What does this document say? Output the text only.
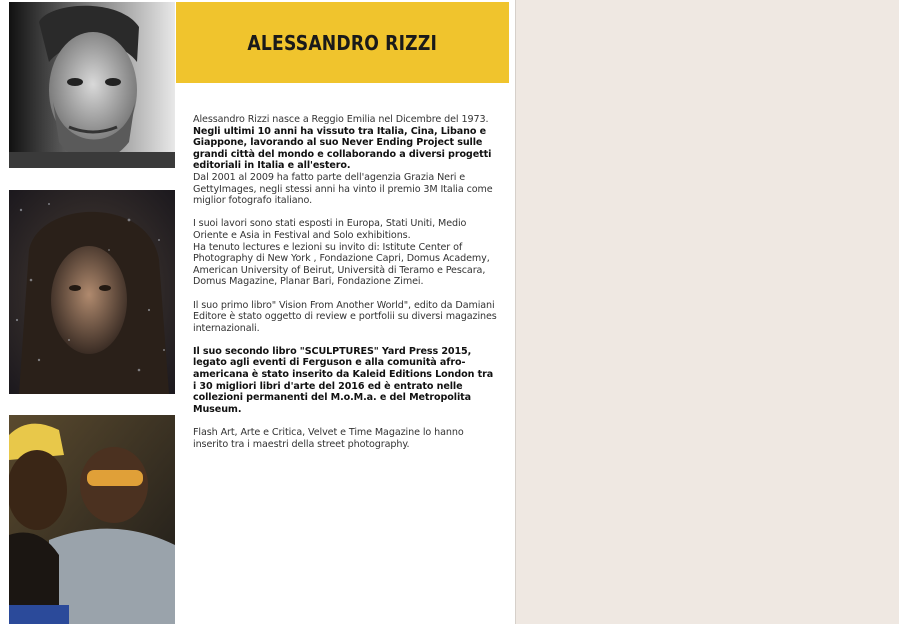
ALESSANDRO RIZZI

Alessandro Rizzi nasce a Reggio Emilia nel Dicembre del 1973.
Negli ultimi 10 anni ha vissuto tra Italia, Cina, Libano e Giappone, lavorando al suo Never Ending Project sulle grandi città del mondo e collaborando a diversi progetti editoriali in Italia e all'estero.
Dal 2001 al 2009 ha fatto parte dell'agenzia Grazia Neri e GettyImages, negli stessi anni ha vinto il premio 3M Italia come miglior fotografo italiano.

I suoi lavori sono stati esposti in Europa, Stati Uniti, Medio Oriente e Asia in Festival and Solo exhibitions.
Ha tenuto lectures e lezioni su invito di: Istitute Center of Photography di New York , Fondazione Capri, Domus Academy, American University of Beirut, Università di Teramo e Pescara, Domus Magazine, Planar Bari, Fondazione Zimei.

Il suo primo libro" Vision From Another World", edito da Damiani Editore è stato oggetto di review e portfolii su diversi magazines internazionali.

Il suo secondo libro "SCULPTURES" Yard Press 2015, legato agli eventi di Ferguson e alla comunità afro-americana è stato inserito da Kaleid Editions London tra i 30 migliori libri d'arte del 2016 ed è entrato nelle collezioni permanenti del M.o.M.a. e del Metropolita Museum.

Flash Art, Arte e Critica, Velvet e Time Magazine lo hanno inserito tra i maestri della street photography.
